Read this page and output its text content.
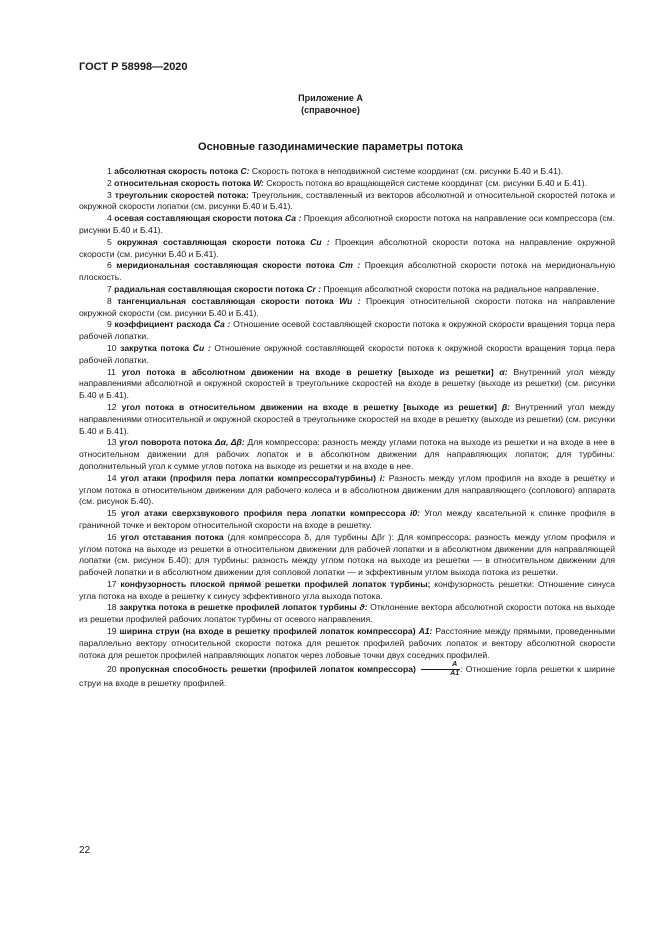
ГОСТ Р 58998—2020
Приложение А
(справочное)
Основные газодинамические параметры потока

1 абсолютная скорость потока C: Скорость потока в неподвижной системе координат (см. рисунки Б.40 и Б.41).

2 относительная скорость потока W: Скорость потока во вращающейся системе координат (см. рисунки Б.40 и Б.41).

3 треугольник скоростей потока: Треугольник, составленный из векторов абсолютной и относительной скоростей потока и окружной скорости лопатки (см. рисунки Б.40 и Б.41).

4 осевая составляющая скорости потока Ca : Проекция абсолютной скорости потока на направление оси компрессора (см. рисунки Б.40 и Б.41).

5 окружная составляющая скорости потока Cu : Проекция абсолютной скорости потока на направление окружной скорости (см. рисунки Б.40 и Б.41).

6 меридиональная составляющая скорости потока Cm : Проекция абсолютной скорости потока на меридиональную плоскость.

7 радиальная составляющая скорости потока Cr : Проекция абсолютной скорости потока на радиальное направление.

8 тангенциальная составляющая скорости потока Wu : Проекция относительной скорости потока на направление окружной скорости (см. рисунки Б.40 и Б.41).

9 коэффициент расхода C̅a : Отношение осевой составляющей скорости потока к окружной скорости вращения торца пера рабочей лопатки.

10 закрутка потока C̅u : Отношение окружной составляющей скорости потока к окружной скорости вращения торца пера рабочей лопатки.

11 угол потока в абсолютном движении на входе в решетку [выходе из решетки] α: Внутренний угол между направлениями абсолютной и окружной скоростей в треугольнике скоростей на входе в решетку (выходе из решетки) (см. рисунки Б.40 и Б.41).

12 угол потока в относительном движении на входе в решетку [выходе из решетки] β: Внутренний угол между направлениями относительной и окружной скоростей в треугольнике скоростей на входе в решетку (выходе из решетки) (см. рисунки Б.40 и Б.41).

13 угол поворота потока Δα, Δβ: Для компрессора: разность между углами потока на выходе из решетки и на входе в нее в относительном движении для рабочих лопаток и в абсолютном движении для направляющих лопаток; для турбины: дополнительный угол к сумме углов потока на выходе из решетки и на входе в нее.

14 угол атаки (профиля пера лопатки компрессора/турбины) i: Разность между углом профиля на входе в решетку и углом потока в относительном движении для рабочего колеса и в абсолютном движении для направляющего (соплового) аппарата (см. рисунок Б.40).

15 угол атаки сверхзвукового профиля пера лопатки компрессора i0: Угол между касательной к спинке профиля в граничной точке и вектором относительной скорости на входе в решетку.

16 угол отставания потока (для компрессора δ, для турбины Δβr ): Для компрессора: разность между углом профиля и углом потока на выходе из решетки в относительном движении для рабочей лопатки и в абсолютном движении для направляющей лопатки (см. рисунок Б.40); для турбины: разность между углом потока на выходе из решетки — в относительном движении для рабочей лопатки и в абсолютном движении для сопловой лопатки — и эффективным углом выхода потока из решетки.

17 конфузорность плоской прямой решетки профилей лопаток турбины; конфузорность решетки: Отношение синуса угла потока на входе в решетку к синусу эффективного угла выхода потока.

18 закрутка потока в решетке профилей лопаток турбины ϑ: Отклонение вектора абсолютной скорости потока на выходе из решетки профилей рабочих лопаток турбины от осевого направления.

19 ширина струи (на входе в решетку профилей лопаток компрессора) A1: Расстояние между прямыми, проведенными параллельно вектору относительной скорости потока для решеток профилей рабочих лопаток и вектору абсолютной скорости потока для решеток профилей направляющих лопаток через лобовые точки двух соседних профилей.

20 пропускная способность решетки (профилей лопаток компрессора) $\frac{A}{A1}$ : Отношение горла решетки к ширине струи на входе в решетку профилей.

22
